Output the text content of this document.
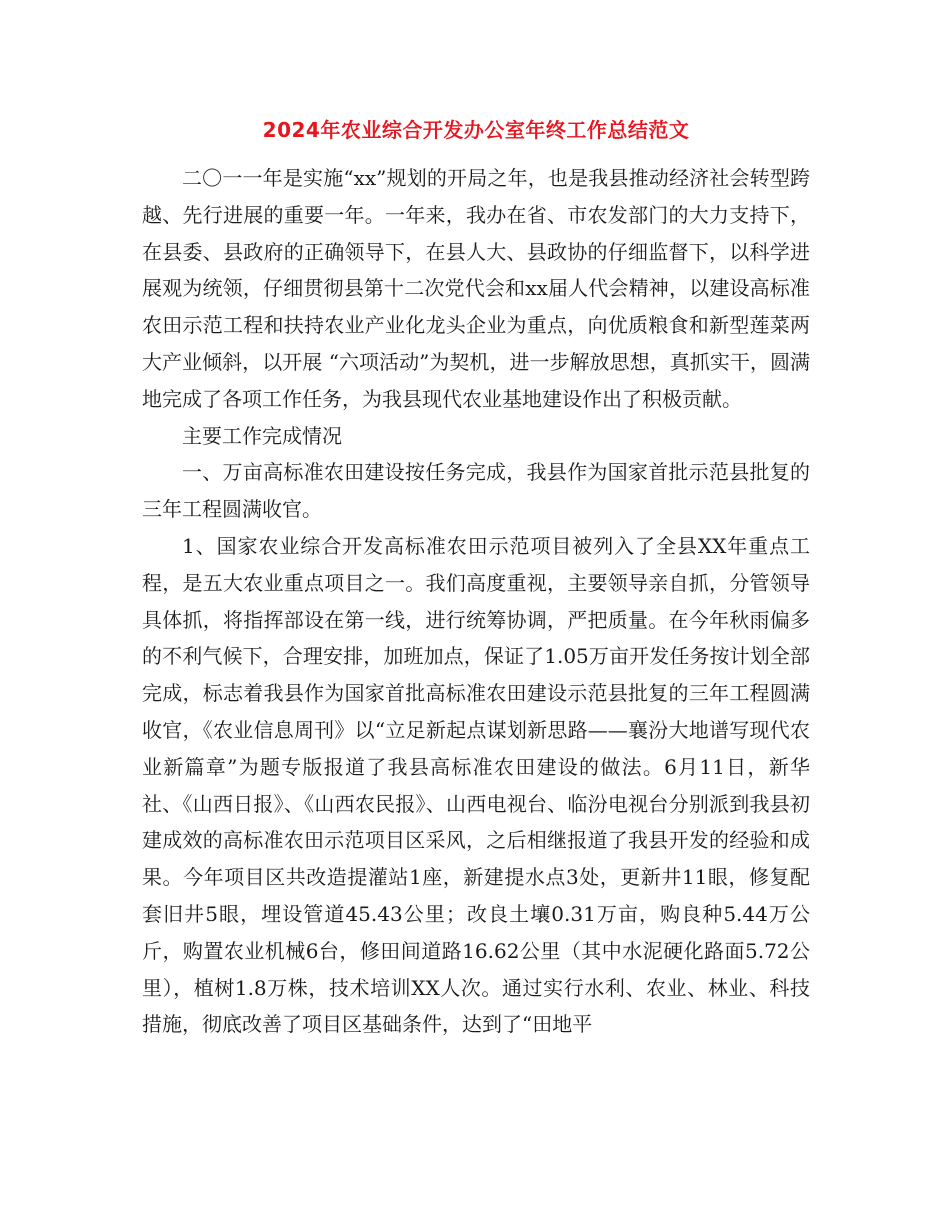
2024年农业综合开发办公室年终工作总结范文

二〇一一年是实施“xx”规划的开局之年，也是我县推动经济社会转型跨越、先行进展的重要一年。一年来，我办在省、市农发部门的大力支持下，在县委、县政府的正确领导下，在县人大、县政协的仔细监督下，以科学进展观为统领，仔细贯彻县第十二次党代会和xx届人代会精神，以建设高标准农田示范工程和扶持农业产业化龙头企业为重点，向优质粮食和新型莲菜两大产业倾斜，以开展 “六项活动”为契机，进一步解放思想，真抓实干，圆满地完成了各项工作任务，为我县现代农业基地建设作出了积极贡献。

主要工作完成情况

一、万亩高标准农田建设按任务完成，我县作为国家首批示范县批复的三年工程圆满收官。

1、国家农业综合开发高标准农田示范项目被列入了全县XX年重点工程，是五大农业重点项目之一。我们高度重视，主要领导亲自抓，分管领导具体抓，将指挥部设在第一线，进行统筹协调，严把质量。在今年秋雨偏多的不利气候下，合理安排，加班加点，保证了1.05万亩开发任务按计划全部完成，标志着我县作为国家首批高标准农田建设示范县批复的三年工程圆满收官，《农业信息周刊》以“立足新起点谋划新思路——襄汾大地谱写现代农业新篇章”为题专版报道了我县高标准农田建设的做法。6月11日，新华社、《山西日报》、《山西农民报》、山西电视台、临汾电视台分别派到我县初建成效的高标准农田示范项目区采风，之后相继报道了我县开发的经验和成果。今年项目区共改造提灌站1座，新建提水点3处，更新井11眼，修复配套旧井5眼，埋设管道45.43公里；改良土壤0.31万亩，购良种5.44万公斤，购置农业机械6台，修田间道路16.62公里（其中水泥硬化路面5.72公里），植树1.8万株，技术培训XX人次。通过实行水利、农业、林业、科技措施，彻底改善了项目区基础条件，达到了“田地平
